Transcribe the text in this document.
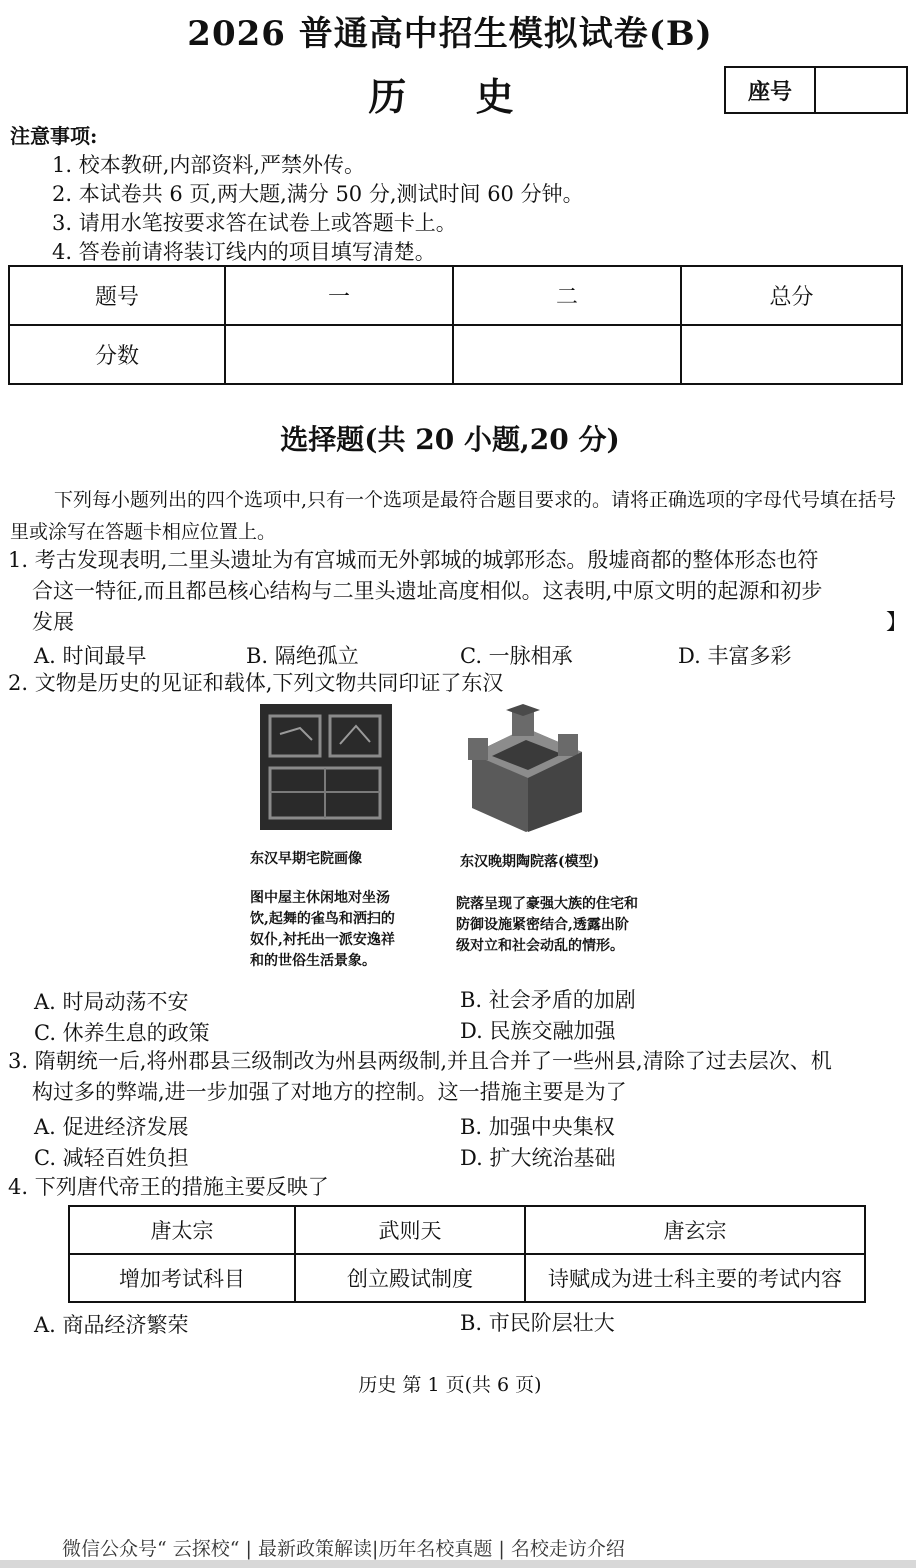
2026 普通高中招生模拟试卷(B)
历 史	座号
注意事项:
1. 校本教研,内部资料,严禁外传。
2. 本试卷共 6 页,两大题,满分 50 分,测试时间 60 分钟。
3. 请用水笔按要求答在试卷上或答题卡上。
4. 答卷前请将装订线内的项目填写清楚。
题号	一	二	总分
分数			
选择题(共 20 小题,20 分)
下列每小题列出的四个选项中,只有一个选项是最符合题目要求的。请将正确选项的字母代号填在括号里或涂写在答题卡相应位置上。
1. 考古发现表明,二里头遗址为有宫城而无外郭城的城郭形态。殷墟商都的整体形态也符
合这一特征,而且都邑核心结构与二里头遗址高度相似。这表明,中原文明的起源和初步
发展	】
A. 时间最早	B. 隔绝孤立	C. 一脉相承	D. 丰富多彩
2. 文物是历史的见证和载体,下列文物共同印证了东汉
东汉早期宅院画像	东汉晚期陶院落(模型)
图中屋主休闲地对坐汤
饮,起舞的雀鸟和洒扫的
奴仆,衬托出一派安逸祥
和的世俗生活景象。
院落呈现了豪强大族的住宅和
防御设施紧密结合,透露出阶
级对立和社会动乱的情形。
A. 时局动荡不安	B. 社会矛盾的加剧
C. 休养生息的政策	D. 民族交融加强
3. 隋朝统一后,将州郡县三级制改为州县两级制,并且合并了一些州县,清除了过去层次、机
构过多的弊端,进一步加强了对地方的控制。这一措施主要是为了
A. 促进经济发展	B. 加强中央集权
C. 减轻百姓负担	D. 扩大统治基础
4. 下列唐代帝王的措施主要反映了
唐太宗	武则天	唐玄宗
增加考试科目	创立殿试制度	诗赋成为进士科主要的考试内容
A. 商品经济繁荣	B. 市民阶层壮大
历史 第 1 页(共 6 页)
微信公众号“ 云探校“ | 最新政策解读|历年名校真题 | 名校走访介绍
